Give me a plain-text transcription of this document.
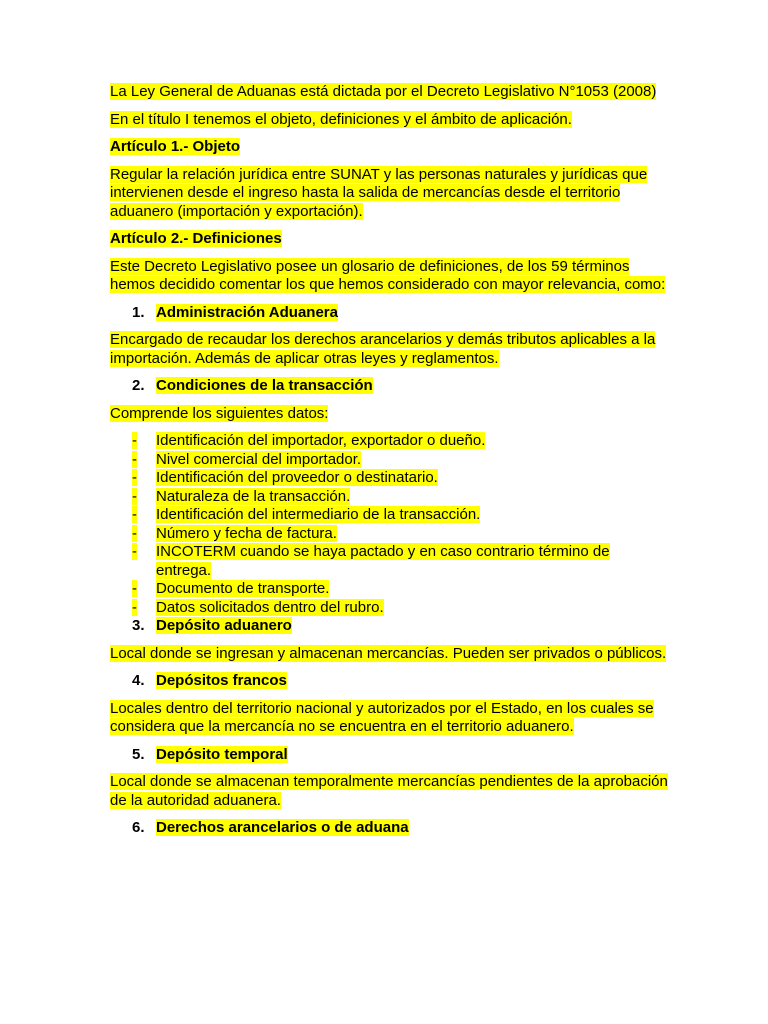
La Ley General de Aduanas está dictada por el Decreto Legislativo N°1053 (2008)

En el título I tenemos el objeto, definiciones y el ámbito de aplicación.

Artículo 1.- Objeto

Regular la relación jurídica entre SUNAT y las personas naturales y jurídicas que intervienen desde el ingreso hasta la salida de mercancías desde el territorio aduanero (importación y exportación).

Artículo 2.- Definiciones

Este Decreto Legislativo posee un glosario de definiciones, de los 59 términos hemos decidido comentar los que hemos considerado con mayor relevancia, como:

1. Administración Aduanera

Encargado de recaudar los derechos arancelarios y demás tributos aplicables a la importación. Además de aplicar otras leyes y reglamentos.

2. Condiciones de la transacción

Comprende los siguientes datos:

-	Identificación del importador, exportador o dueño.
-	Nivel comercial del importador.
-	Identificación del proveedor o destinatario.
-	Naturaleza de la transacción.
-	Identificación del intermediario de la transacción.
-	Número y fecha de factura.
-	INCOTERM cuando se haya pactado y en caso contrario término de entrega.
-	Documento de transporte.
-	Datos solicitados dentro del rubro.
3. Depósito aduanero

Local donde se ingresan y almacenan mercancías. Pueden ser privados o públicos.

4. Depósitos francos

Locales dentro del territorio nacional y autorizados por el Estado, en los cuales se considera que la mercancía no se encuentra en el territorio aduanero.

5. Depósito temporal

Local donde se almacenan temporalmente mercancías pendientes de la aprobación de la autoridad aduanera.

6. Derechos arancelarios o de aduana
